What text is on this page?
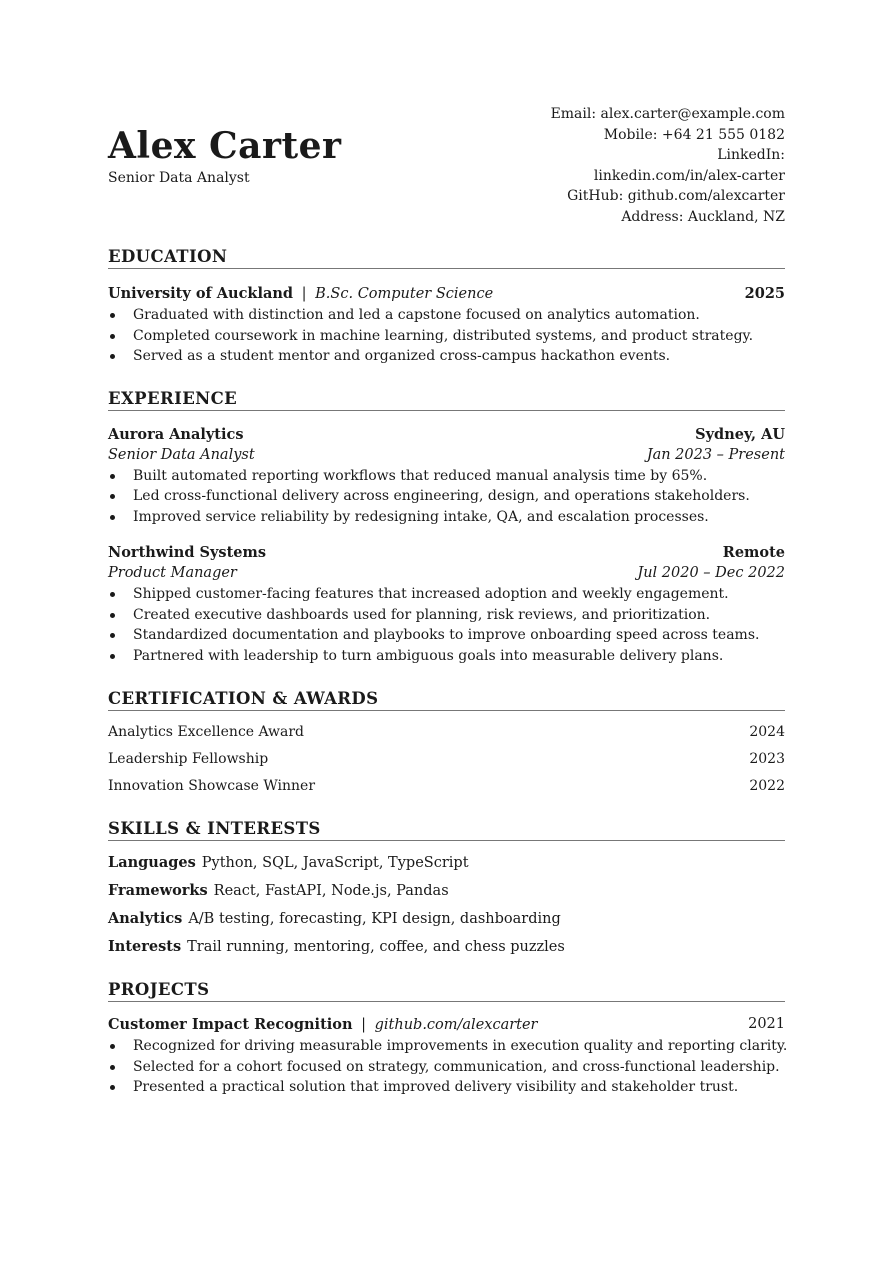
Alex Carter
Senior Data Analyst
Email: alex.carter@example.com
Mobile: +64 21 555 0182
LinkedIn:
linkedin.com/in/alex-carter
GitHub: github.com/alexcarter
Address: Auckland, NZ
EDUCATION
University of Auckland | B.Sc. Computer Science	2025
Graduated with distinction and led a capstone focused on analytics automation.
Completed coursework in machine learning, distributed systems, and product strategy.
Served as a student mentor and organized cross-campus hackathon events.
EXPERIENCE
Aurora Analytics	Sydney, AU
Senior Data Analyst	Jan 2023 – Present
Built automated reporting workflows that reduced manual analysis time by 65%.
Led cross-functional delivery across engineering, design, and operations stakeholders.
Improved service reliability by redesigning intake, QA, and escalation processes.
Northwind Systems	Remote
Product Manager	Jul 2020 – Dec 2022
Shipped customer-facing features that increased adoption and weekly engagement.
Created executive dashboards used for planning, risk reviews, and prioritization.
Standardized documentation and playbooks to improve onboarding speed across teams.
Partnered with leadership to turn ambiguous goals into measurable delivery plans.
CERTIFICATION & AWARDS
Analytics Excellence Award	2024
Leadership Fellowship	2023
Innovation Showcase Winner	2022
SKILLS & INTERESTS
Languages Python, SQL, JavaScript, TypeScript
Frameworks React, FastAPI, Node.js, Pandas
Analytics A/B testing, forecasting, KPI design, dashboarding
Interests Trail running, mentoring, coffee, and chess puzzles
PROJECTS
Customer Impact Recognition | github.com/alexcarter	2021
Recognized for driving measurable improvements in execution quality and reporting clarity.
Selected for a cohort focused on strategy, communication, and cross-functional leadership.
Presented a practical solution that improved delivery visibility and stakeholder trust.
